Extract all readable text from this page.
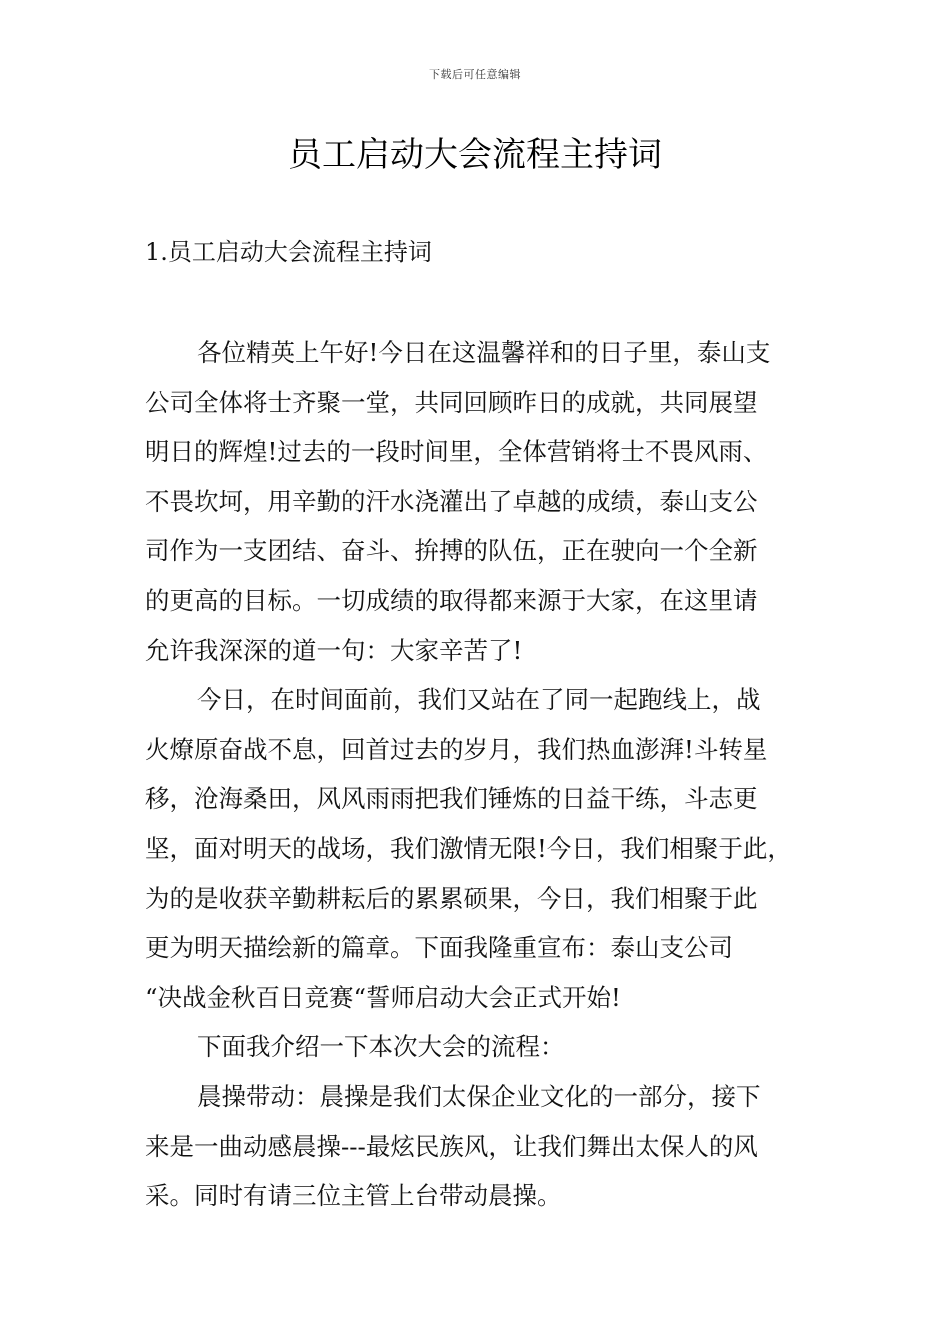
下载后可任意编辑
员工启动大会流程主持词
1.员工启动大会流程主持词
各位精英上午好!今日在这温馨祥和的日子里，泰山支
公司全体将士齐聚一堂，共同回顾昨日的成就，共同展望
明日的辉煌!过去的一段时间里，全体营销将士不畏风雨、
不畏坎坷，用辛勤的汗水浇灌出了卓越的成绩，泰山支公
司作为一支团结、奋斗、拚搏的队伍，正在驶向一个全新
的更高的目标。一切成绩的取得都来源于大家，在这里请
允许我深深的道一句：大家辛苦了!
今日，在时间面前，我们又站在了同一起跑线上，战
火燎原奋战不息，回首过去的岁月，我们热血澎湃!斗转星
移，沧海桑田，风风雨雨把我们锤炼的日益干练，斗志更
坚，面对明天的战场，我们激情无限!今日，我们相聚于此，
为的是收获辛勤耕耘后的累累硕果，今日，我们相聚于此
更为明天描绘新的篇章。下面我隆重宣布：泰山支公司
“决战金秋百日竞赛“誓师启动大会正式开始!
下面我介绍一下本次大会的流程：
晨操带动：晨操是我们太保企业文化的一部分，接下
来是一曲动感晨操---最炫民族风，让我们舞出太保人的风
采。同时有请三位主管上台带动晨操。
